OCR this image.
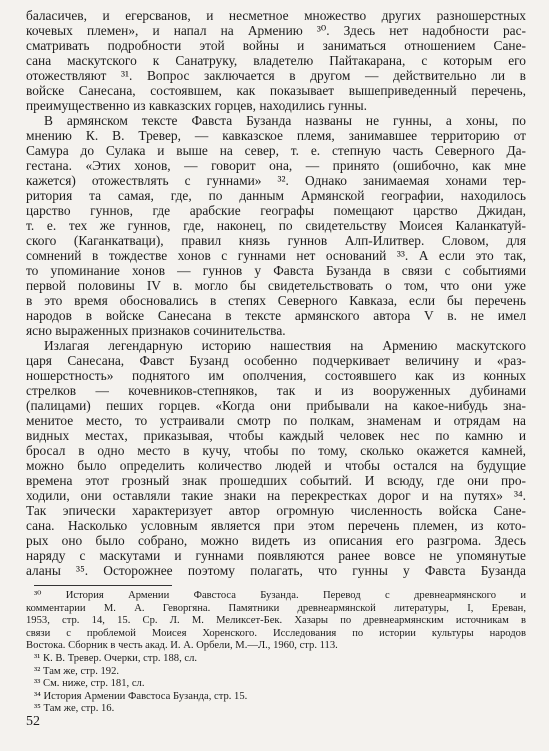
баласичев, и егерсванов, и несметное множество других разношерстных
кочевых племен», и напал на Армению ³⁰. Здесь нет надобности рас-
сматривать подробности этой войны и заниматься отношением Сане-
сана маскутского к Санатруку, владетелю Пайтакарана, с которым его
отожествляют ³¹. Вопрос заключается в другом — действительно ли в
войске Санесана, состоявшем, как показывает вышеприведенный перечень,
преимущественно из кавказских горцев, находились гунны.
В армянском тексте Фавста Бузанда названы не гунны, а хоны, по
мнению К. В. Тревер, — кавказское племя, занимавшее территорию от
Самура до Сулака и выше на север, т. е. степную часть Северного Да-
гестана. «Этих хонов, — говорит она, — принято (ошибочно, как мне
кажется) отожествлять с гуннами» ³². Однако занимаемая хонами тер-
ритория та самая, где, по данным Армянской географии, находилось
царство гуннов, где арабские географы помещают царство Джидан,
т. е. тех же гуннов, где, наконец, по свидетельству Моисея Каланкатуй-
ского (Каганкатваци), правил князь гуннов Алп-Илитвер. Словом, для
сомнений в тождестве хонов с гуннами нет оснований ³³. А если это так,
то упоминание хонов — гуннов у Фавста Бузанда в связи с событиями
первой половины IV в. могло бы свидетельствовать о том, что они уже
в это время обосновались в степях Северного Кавказа, если бы перечень
народов в войске Санесана в тексте армянского автора V в. не имел
ясно выраженных признаков сочинительства.
Излагая легендарную историю нашествия на Армению маскутского
царя Санесана, Фавст Бузанд особенно подчеркивает величину и «раз-
ношерстность» поднятого им ополчения, состоявшего как из конных
стрелков — кочевников-степняков, так и из вооруженных дубинами
(палицами) пеших горцев. «Когда они прибывали на какое-нибудь зна-
менитое место, то устраивали смотр по полкам, знаменам и отрядам на
видных местах, приказывая, чтобы каждый человек нес по камню и
бросал в одно место в кучу, чтобы по тому, сколько окажется камней,
можно было определить количество людей и чтобы остался на будущие
времена этот грозный знак прошедших событий. И всюду, где они про-
ходили, они оставляли такие знаки на перекрестках дорог и на путях» ³⁴.
Так эпически характеризует автор огромную численность войска Сане-
сана. Насколько условным является при этом перечень племен, из кото-
рых оно было собрано, можно видеть из описания его разгрома. Здесь
наряду с маскутами и гуннами появляются ранее вовсе не упомянутые
аланы ³⁵. Осторожнее поэтому полагать, что гунны у Фавста Бузанда
³⁰ История Армении Фавстоса Бузанда. Перевод с древнеармянского и
комментарии М. А. Геворгяна. Памятники древнеармянской литературы, I, Ереван,
1953, стр. 14, 15. Ср. Л. М. Меликсет-Бек. Хазары по древнеармянским источникам в
связи с проблемой Моисея Хоренского. Исследования по истории культуры народов
Востока. Сборник в честь акад. И. А. Орбели, М.—Л., 1960, стр. 113.
³¹ К. В. Тревер. Очерки, стр. 188, сл.
³² Там же, стр. 192.
³³ См. ниже, стр. 181, сл.
³⁴ История Армении Фавстоса Бузанда, стр. 15.
³⁵ Там же, стр. 16.
52
